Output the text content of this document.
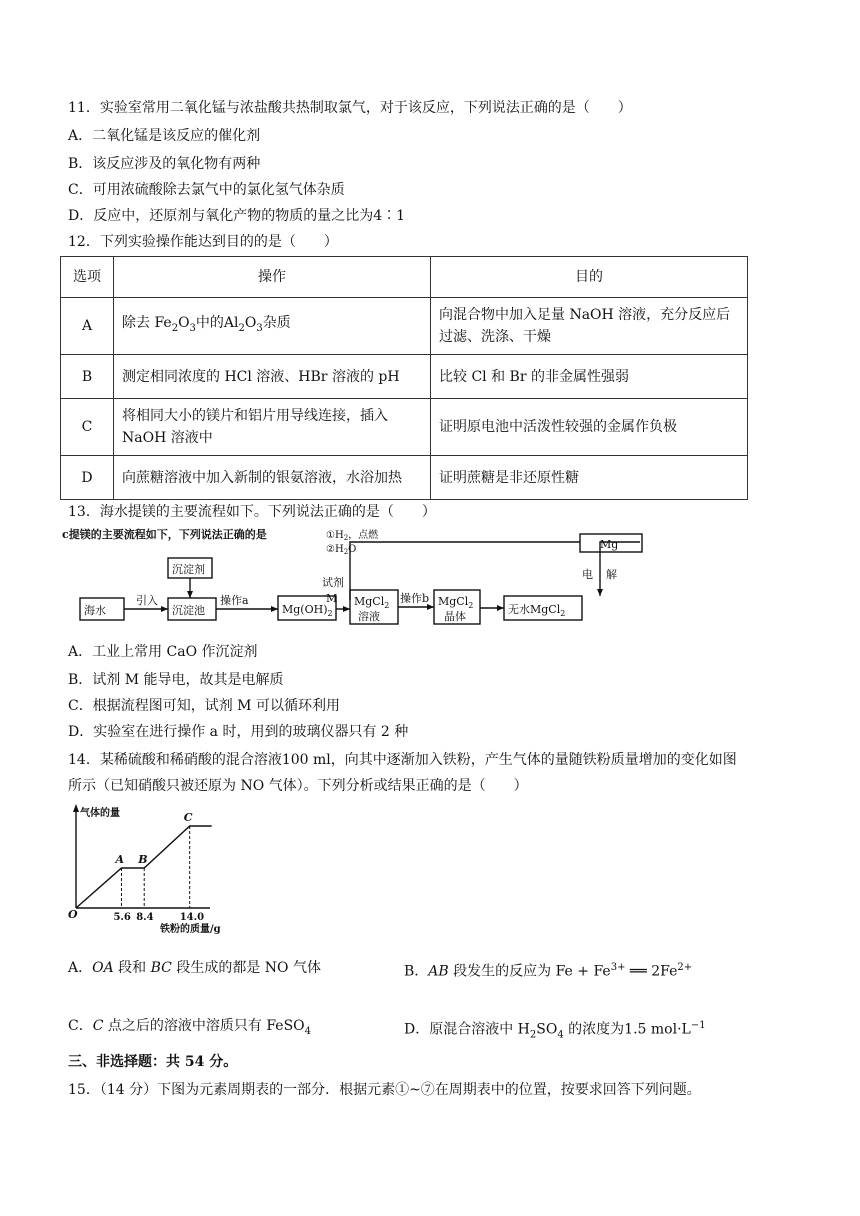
11．实验室常用二氧化锰与浓盐酸共热制取氯气，对于该反应，下列说法正确的是（　　）
A．二氧化锰是该反应的催化剂
B．该反应涉及的氧化物有两种
C．可用浓硫酸除去氯气中的氯化氢气体杂质
D．反应中，还原剂与氧化产物的物质的量之比为4∶1
12．下列实验操作能达到目的的是（　　）
选项	操作	目的
A	除去 $Fe_2O_3$中的$Al_2O_3$杂质	向混合物中加入足量 NaOH 溶液，充分反应后过滤、洗涤、干燥
B	测定相同浓度的 HCl 溶液、HBr 溶液的 pH	比较 Cl 和 Br 的非金属性强弱
C	将相同大小的镁片和铝片用导线连接，插入 NaOH 溶液中	证明原电池中活泼性较强的金属作负极
D	向蔗糖溶液中加入新制的银氨溶液，水浴加热	证明蔗糖是非还原性糖
13．海水提镁的主要流程如下。下列说法正确的是（　　）
c提镁的主要流程如下，下列说法正确的是
海水
引入
沉淀剂
沉淀池
操作a
$Mg(OH)_2$
试剂
M MgCl$_2$
溶液
操作b MgCl$_2$
晶体
无水MgCl$_2$
Mg
电 解
$①H_2$，点燃
$②H_2O$
A．工业上常用 CaO 作沉淀剂
B．试剂 M 能导电，故其是电解质
C．根据流程图可知，试剂 M 可以循环利用
D．实验室在进行操作 a 时，用到的玻璃仪器只有 2 种
14．某稀硫酸和稀硝酸的混合溶液100 ml，向其中逐渐加入铁粉，产生气体的量随铁粉质量增加的变化如图
所示（已知硝酸只被还原为 NO 气体）。下列分析或结果正确的是（　　）
气体的量
铁粉的质量/g
O
A B
C
5.6 8.4	14.0
A．OA 段和 BC 段生成的都是 NO 气体	B．AB 段发生的反应为 $Fe + Fe^{3+}$ ══ $2Fe^{2+}$
C．C 点之后的溶液中溶质只有 FeSO$_4$	D．原混合溶液中 $H_2SO_4$ 的浓度为1.5 $mol\cdot L^{-1}$
三、非选择题：共 54 分。
15．（14 分）下图为元素周期表的一部分．根据元素①~⑦在周期表中的位置，按要求回答下列问题。
